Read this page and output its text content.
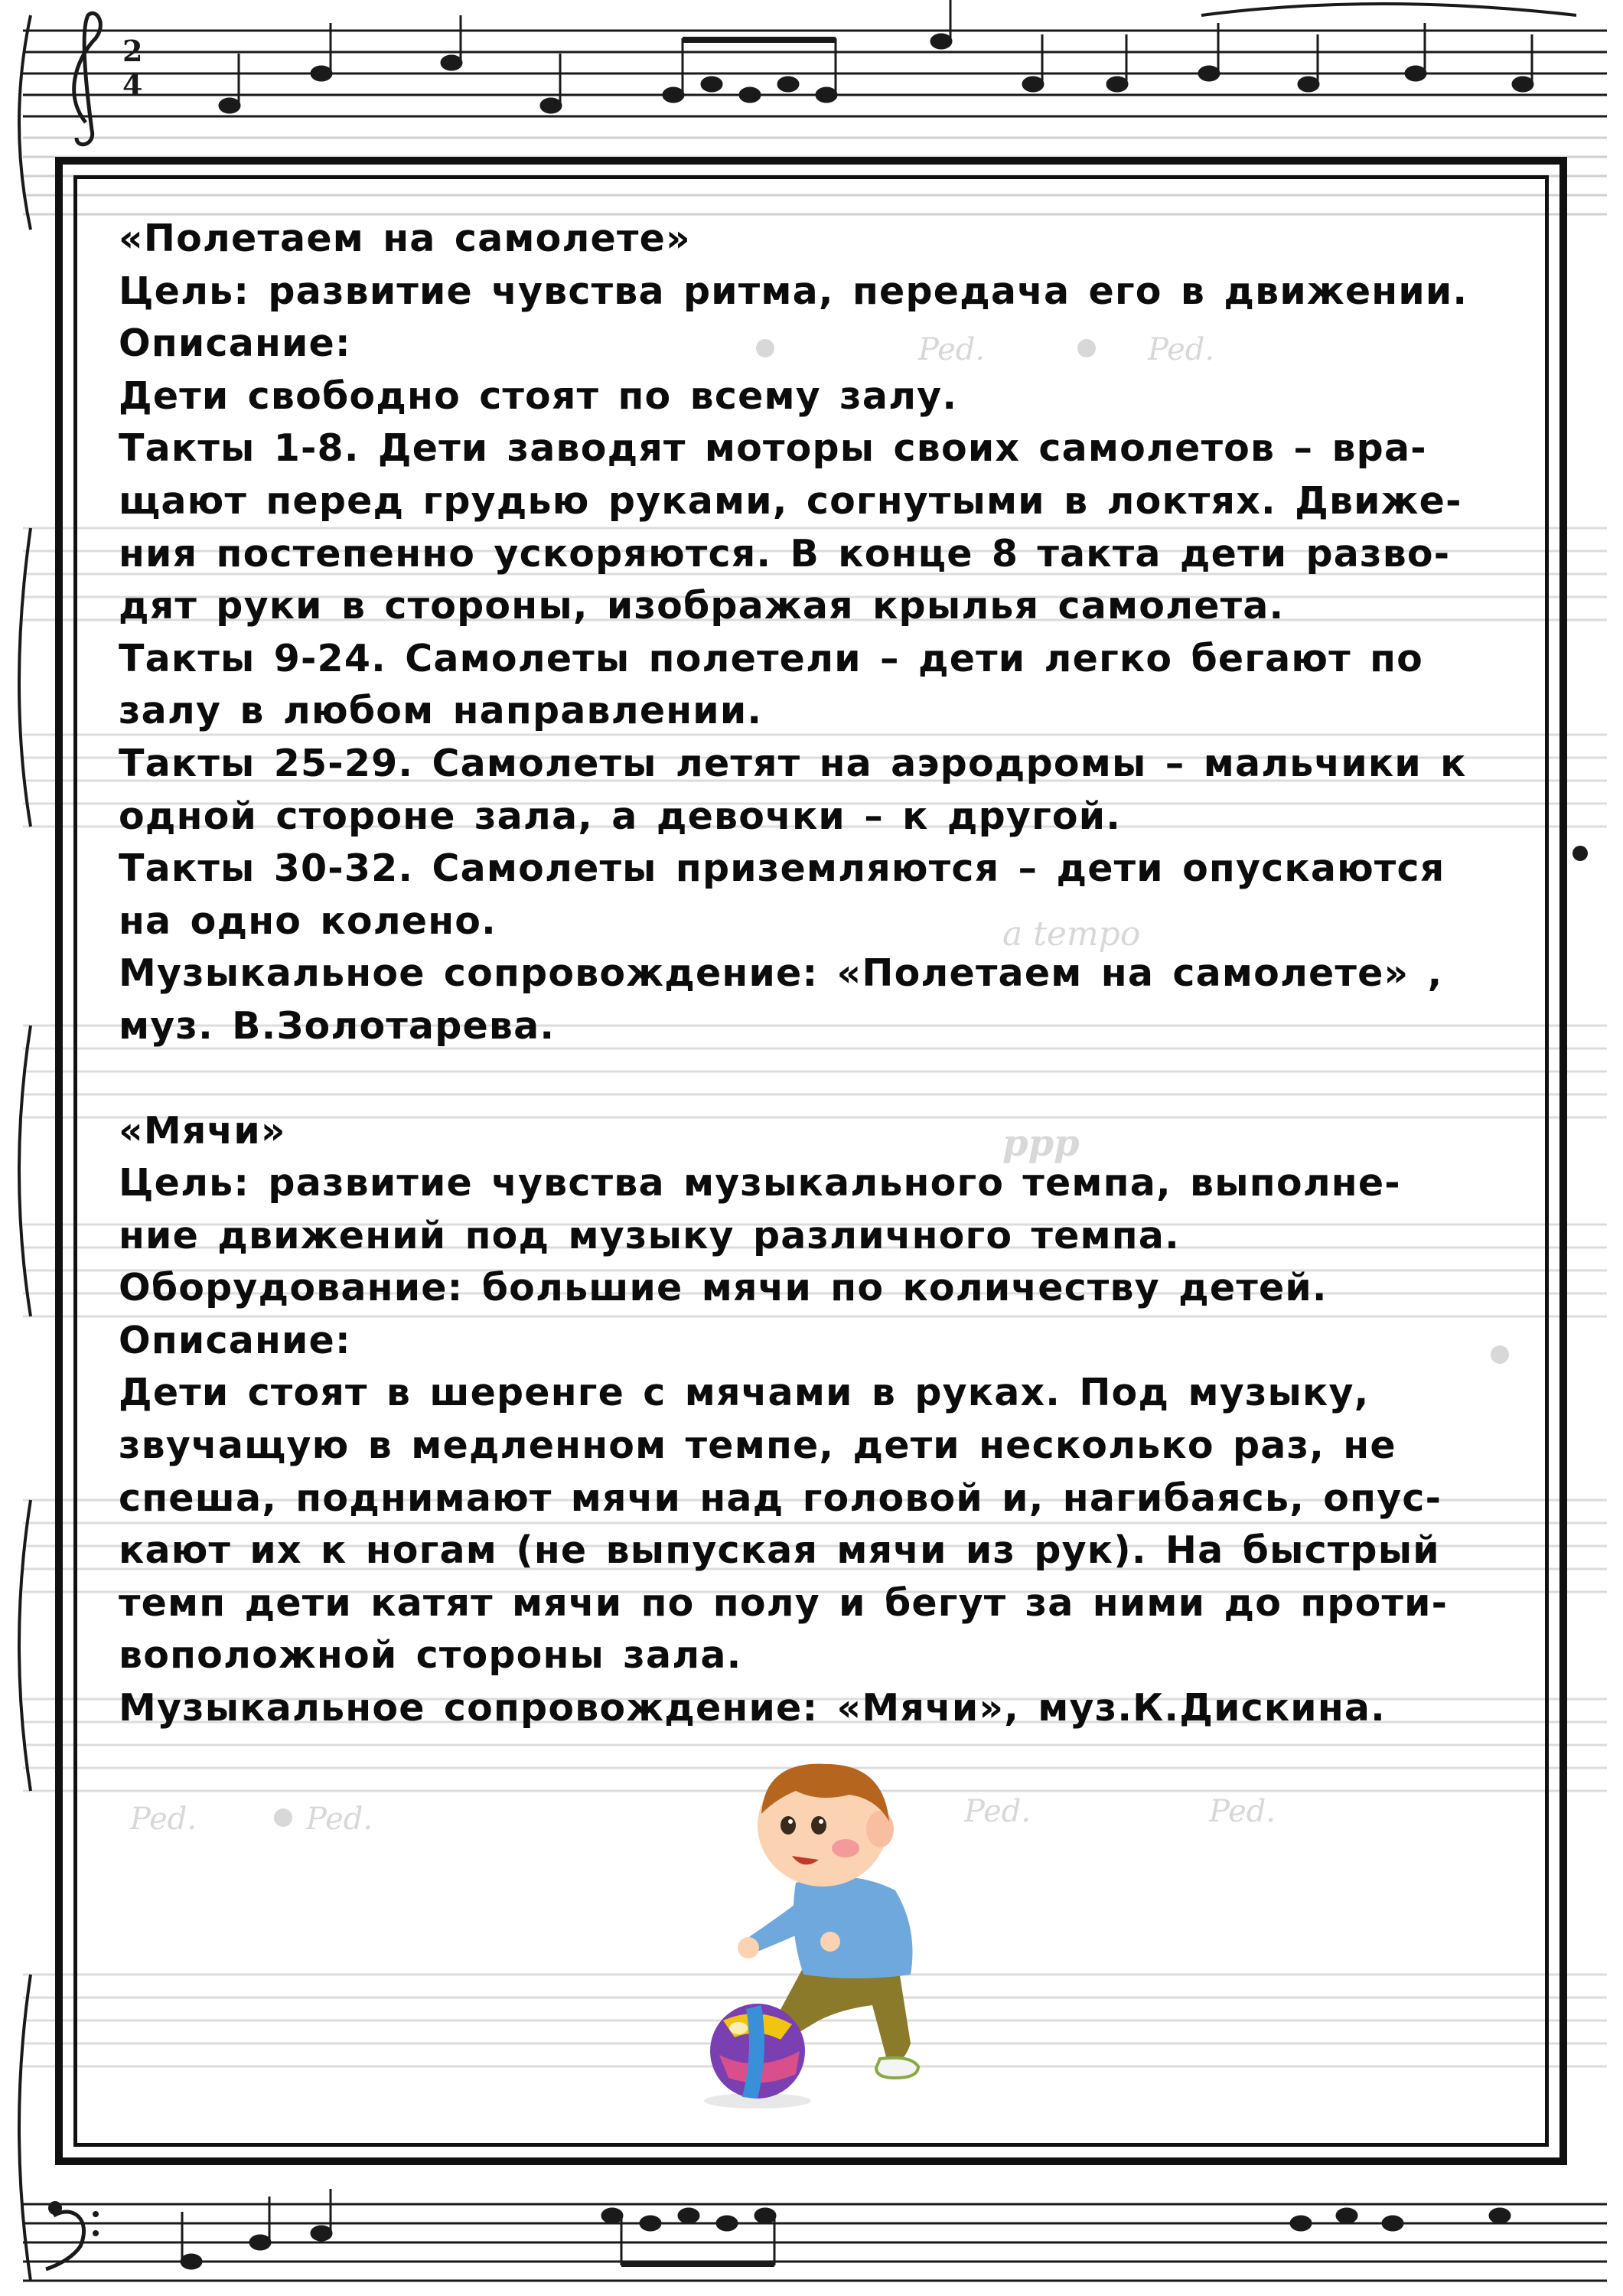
2
4
a tempo
ppp
Ped.	Ped.
Ped.	Ped.	Ped.	Ped.

«Полетаем на самолете»

Цель: развитие чувства ритма, передача его в движении.

Описание:

Дети свободно стоят по всему залу.

Такты 1-8. Дети заводят моторы своих самолетов – вра-

щают перед грудью руками, согнутыми в локтях. Движе-

ния постепенно ускоряются. В конце 8 такта дети разво-

дят руки в стороны, изображая крылья самолета.

Такты 9-24. Самолеты полетели – дети легко бегают по

залу в любом направлении.

Такты 25-29. Самолеты летят на аэродромы – мальчики к

одной стороне зала, а девочки – к другой.

Такты 30-32. Самолеты приземляются – дети опускаются

на одно колено.

Музыкальное сопровождение: «Полетаем на самолете» ,

муз. В.Золотарева.

«Мячи»

Цель: развитие чувства музыкального темпа, выполне-

ние движений под музыку различного темпа.

Оборудование: большие мячи по количеству детей.

Описание:

Дети стоят в шеренге с мячами в руках. Под музыку,

звучащую в медленном темпе, дети несколько раз, не

спеша, поднимают мячи над головой и, нагибаясь, опус-

кают их к ногам (не выпуская мячи из рук). На быстрый

темп дети катят мячи по полу и бегут за ними до проти-

воположной стороны зала.

Музыкальное сопровождение: «Мячи», муз.К.Дискина.
